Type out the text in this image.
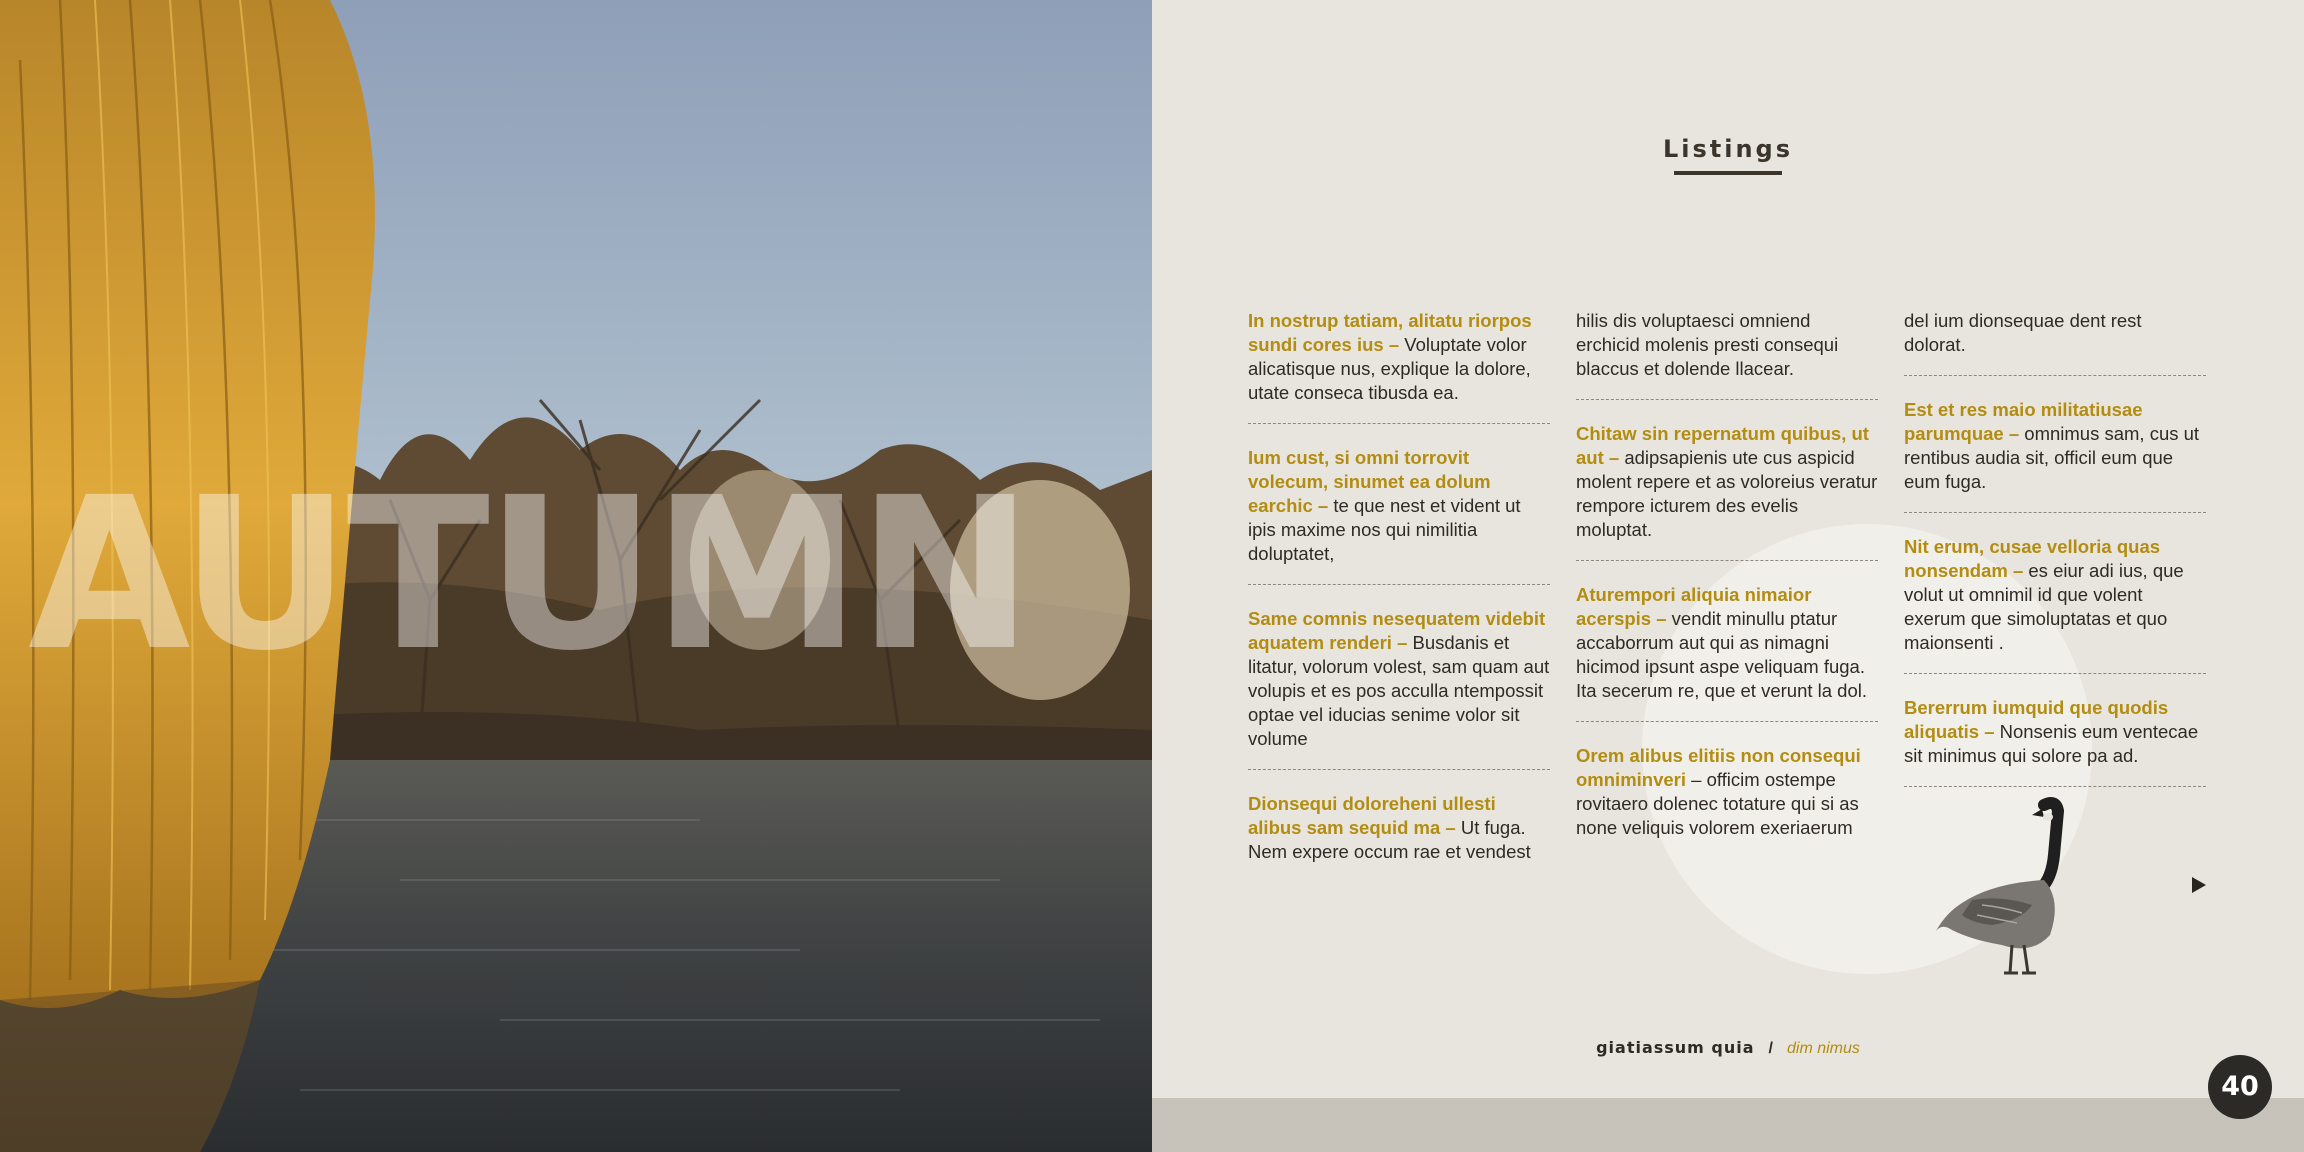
AUTUMN
Listings
In nostrup tatiam, alitatu riorpos sundi cores ius – Voluptate volor alicatisque nus, explique la dolore, utate conseca tibusda ea.
Ium cust, si omni torrovit volecum, sinumet ea dolum earchic – te que nest et vident ut ipis maxime nos qui nimilitia doluptatet,
Same comnis nesequatem videbit aquatem renderi – Busdanis et litatur, volorum volest, sam quam aut volupis et es pos acculla ntempossit optae vel iducias senime volor sit volume
Dionsequi doloreheni ullesti alibus sam sequid ma – Ut fuga. Nem expere occum rae et vendest
hilis dis voluptaesci omniend erchicid molenis presti consequi blaccus et dolende llacear.
Chitaw sin repernatum quibus, ut aut – adipsapienis ute cus aspicid molent repere et as voloreius veratur rempore icturem des evelis moluptat.
Aturempori aliquia nimaior acerspis – vendit minullu ptatur accaborrum aut qui as nimagni hicimod ipsunt aspe veliquam fuga. Ita secerum re, que et verunt la dol.
Orem alibus elitiis non consequi omniminveri – officim ostempe rovitaero dolenec totature qui si as none veliquis volorem exeriaerum
del ium dionsequae dent rest dolorat.
Est et res maio militatiusae parumquae – omnimus sam, cus ut rentibus audia sit, officil eum que eum fuga.
Nit erum, cusae velloria quas nonsendam – es eiur adi ius, que volut ut omnimil id que volent exerum que simoluptatas et quo maionsenti .
Bererrum iumquid que quodis aliquatis – Nonsenis eum ventecae sit minimus qui solore pa ad.
giatiassum quia / dim nimus
40
